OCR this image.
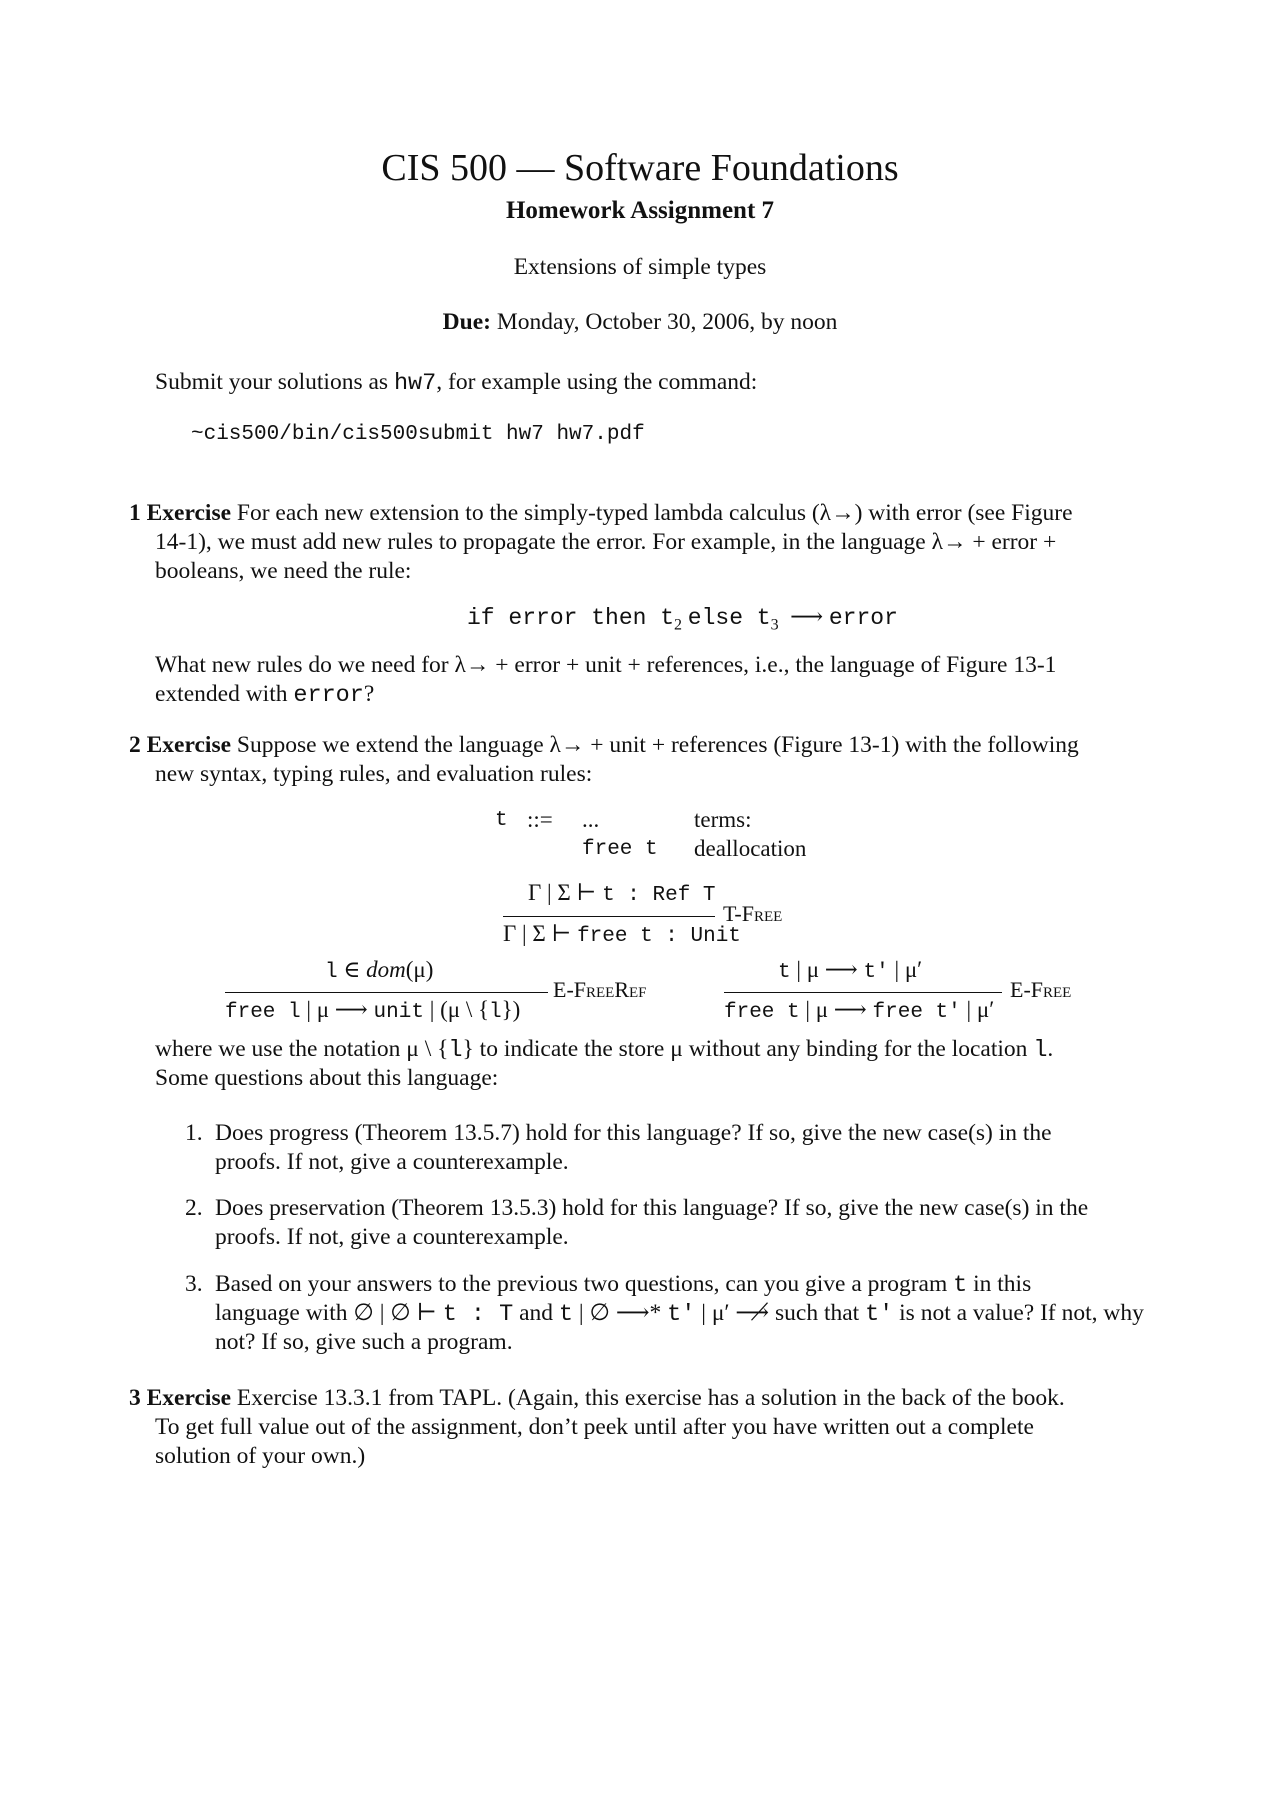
CIS 500 — Software Foundations
Homework Assignment 7
Extensions of simple types
Due: Monday, October 30, 2006, by noon
Submit your solutions as hw7, for example using the command:
~cis500/bin/cis500submit hw7 hw7.pdf
1 Exercise For each new extension to the simply-typed lambda calculus (λ→) with error (see Figure
14-1), we must add new rules to propagate the error. For example, in the language λ→ + error +
booleans, we need the rule:
if error then $t_2$ else $t_3$ ⟶ error
What new rules do we need for λ→ + error + unit + references, i.e., the language of Figure 13-1
extended with error?
2 Exercise Suppose we extend the language λ→ + unit + references (Figure 13-1) with the following
new syntax, typing rules, and evaluation rules:
t ::= ...
free t
terms:
deallocation
Γ | Σ ⊢ t : Ref T
Γ | Σ ⊢ free t : Unit
T-Free
l ∈ dom(μ)
free l | μ ⟶ unit | (μ \ {l})
E-FreeRef
t | μ ⟶ t′ | μ′
free t | μ ⟶ free t′ | μ′
E-Free
where we use the notation μ \ {l} to indicate the store μ without any binding for the location l.
Some questions about this language:
1. Does progress (Theorem 13.5.7) hold for this language? If so, give the new case(s) in the
proofs. If not, give a counterexample.
2. Does preservation (Theorem 13.5.3) hold for this language? If so, give the new case(s) in the
proofs. If not, give a counterexample.
3. Based on your answers to the previous two questions, can you give a program t in this
language with ∅ | ∅ ⊢ t : T and t | ∅ ⟶* t′ | μ′ ⟶̸ such that t′ is not a value? If not, why
not? If so, give such a program.
3 Exercise Exercise 13.3.1 from TAPL. (Again, this exercise has a solution in the back of the book.
To get full value out of the assignment, don’t peek until after you have written out a complete
solution of your own.)
